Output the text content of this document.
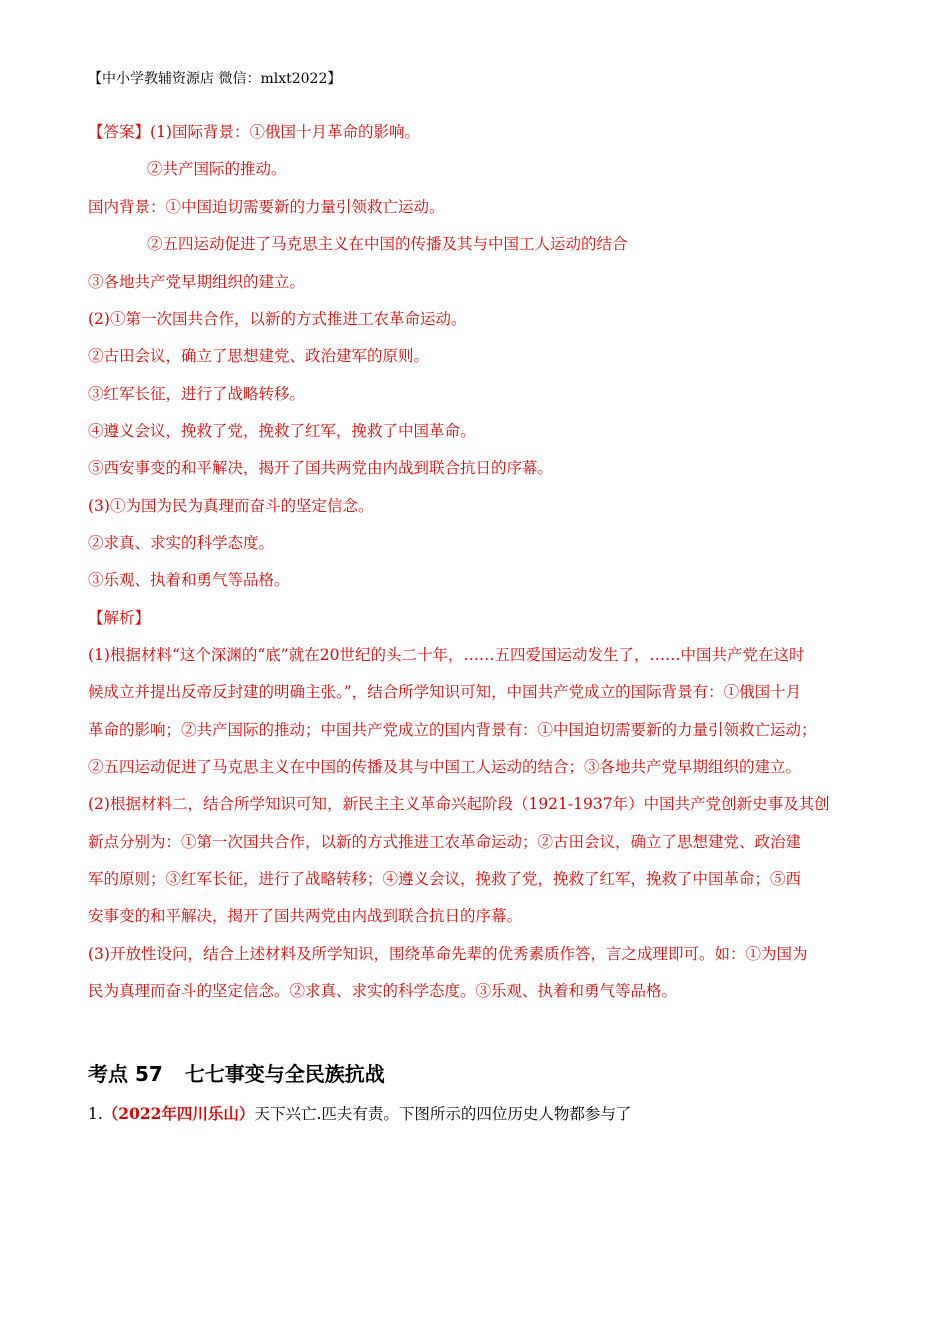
【中小学教辅资源店 微信：mlxt2022】
【答案】(1)国际背景：①俄国十月革命的影响。
②共产国际的推动。
国内背景：①中国迫切需要新的力量引领救亡运动。
②五四运动促进了马克思主义在中国的传播及其与中国工人运动的结合
③各地共产党早期组织的建立。
(2)①第一次国共合作，以新的方式推进工农革命运动。
②古田会议，确立了思想建党、政治建军的原则。
③红军长征，进行了战略转移。
④遵义会议，挽救了党，挽救了红军，挽救了中国革命。
⑤西安事变的和平解决，揭开了国共两党由内战到联合抗日的序幕。
(3)①为国为民为真理而奋斗的坚定信念。
②求真、求实的科学态度。
③乐观、执着和勇气等品格。
【解析】
(1)根据材料“这个深渊的“底”就在20世纪的头二十年，……五四爱国运动发生了，……中国共产党在这时
候成立并提出反帝反封建的明确主张。”，结合所学知识可知，中国共产党成立的国际背景有：①俄国十月
革命的影响；②共产国际的推动；中国共产党成立的国内背景有：①中国迫切需要新的力量引领救亡运动；
②五四运动促进了马克思主义在中国的传播及其与中国工人运动的结合；③各地共产党早期组织的建立。
(2)根据材料二，结合所学知识可知，新民主主义革命兴起阶段（1921-1937年）中国共产党创新史事及其创
新点分别为：①第一次国共合作，以新的方式推进工农革命运动；②古田会议，确立了思想建党、政治建
军的原则；③红军长征，进行了战略转移；④遵义会议，挽救了党，挽救了红军，挽救了中国革命；⑤西
安事变的和平解决，揭开了国共两党由内战到联合抗日的序幕。
(3)开放性设问，结合上述材料及所学知识，围绕革命先辈的优秀素质作答，言之成理即可。如：①为国为
民为真理而奋斗的坚定信念。②求真、求实的科学态度。③乐观、执着和勇气等品格。
考点 57 七七事变与全民族抗战
1.（2022年四川乐山）天下兴亡.匹夫有责。下图所示的四位历史人物都参与了
